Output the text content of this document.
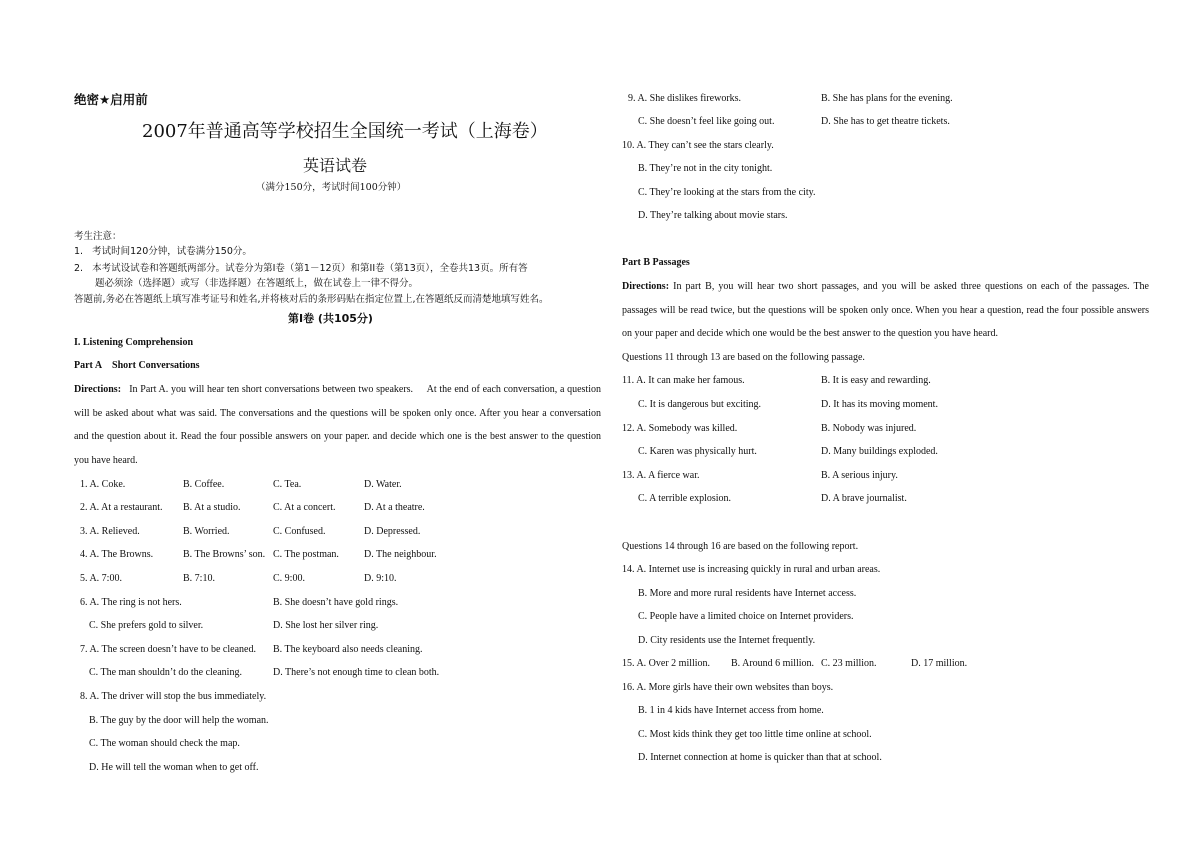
绝密★启用前
2007年普通高等学校招生全国统一考试（上海卷）
英语试卷
（满分150分，考试时间100分钟）
考生注意：
1.   考试时间120分钟，试卷满分150分。
2.   本考试设试卷和答题纸两部分。试卷分为第I卷（第1－12页）和第II卷（第13页），全卷共13页。所有答
题必须涂（选择题）或写（非选择题）在答题纸上，做在试卷上一律不得分。
答题前,务必在答题纸上填写准考证号和姓名,并将核对后的条形码贴在指定位置上,在答题纸反而清楚地填写姓名。
第I卷 (共105分)
I. Listening Comprehension
Part A    Short Conversations
Directions:   In Part A. you will hear ten short conversations between two speakers.     At the end of each conversation, a question will be asked about what was said. The conversations and the questions will be spoken only once. After you hear a conversation and the question about it. Read the four possible answers on your paper. and decide which one is the best answer to the question you have heard.
1. A. Coke.	B. Coffee.	C. Tea.	D. Water.
2. A. At a restaurant. B. At a studio.	C. At a concert.	D. At a theatre.
3. A. Relieved.	B. Worried.	C. Confused.	D. Depressed.
4. A. The Browns.	B. The Browns’ son. C. The postman.	D. The neighbour.
5. A. 7:00.	B. 7:10.	C. 9:00.	D. 9:10.
6. A. The ring is not hers.	B. She doesn’t have gold rings.
C. She prefers gold to silver.	D. She lost her silver ring.
7. A. The screen doesn’t have to be cleaned. B. The keyboard also needs cleaning.
C. The man shouldn’t do the cleaning.	D. There’s not enough time to clean both.
8. A. The driver will stop the bus immediately.
B. The guy by the door will help the woman.
C. The woman should check the map.
D. He will tell the woman when to get off.
9. A. She dislikes fireworks.	B. She has plans for the evening.
C. She doesn’t feel like going out.	D. She has to get theatre tickets.
10. A. They can’t see the stars clearly.
B. They’re not in the city tonight.
C. They’re looking at the stars from the city.
D. They’re talking about movie stars.
Part B Passages
Directions: In part B, you will hear two short passages, and you will be asked three questions on each of the passages. The passages will be read twice, but the questions will be spoken only once. When you hear a question, read the four possible answers on your paper and decide which one would be the best answer to the question you have heard.
Questions 11 through 13 are based on the following passage.
11. A. It can make her famous.	B. It is easy and rewarding.
C. It is dangerous but exciting.	D. It has its moving moment.
12. A. Somebody was killed.	B. Nobody was injured.
C. Karen was physically hurt.	D. Many buildings exploded.
13. A. A fierce war.	B. A serious injury.
C. A terrible explosion.	D. A brave journalist.
Questions 14 through 16 are based on the following report.
14. A. Internet use is increasing quickly in rural and urban areas.
B. More and more rural residents have Internet access.
C. People have a limited choice on Internet providers.
D. City residents use the Internet frequently.
15. A. Over 2 million. B. Around 6 million. C. 23 million.	D. 17 million.
16. A. More girls have their own websites than boys.
B. 1 in 4 kids have Internet access from home.
C. Most kids think they get too little time online at school.
D. Internet connection at home is quicker than that at school.
